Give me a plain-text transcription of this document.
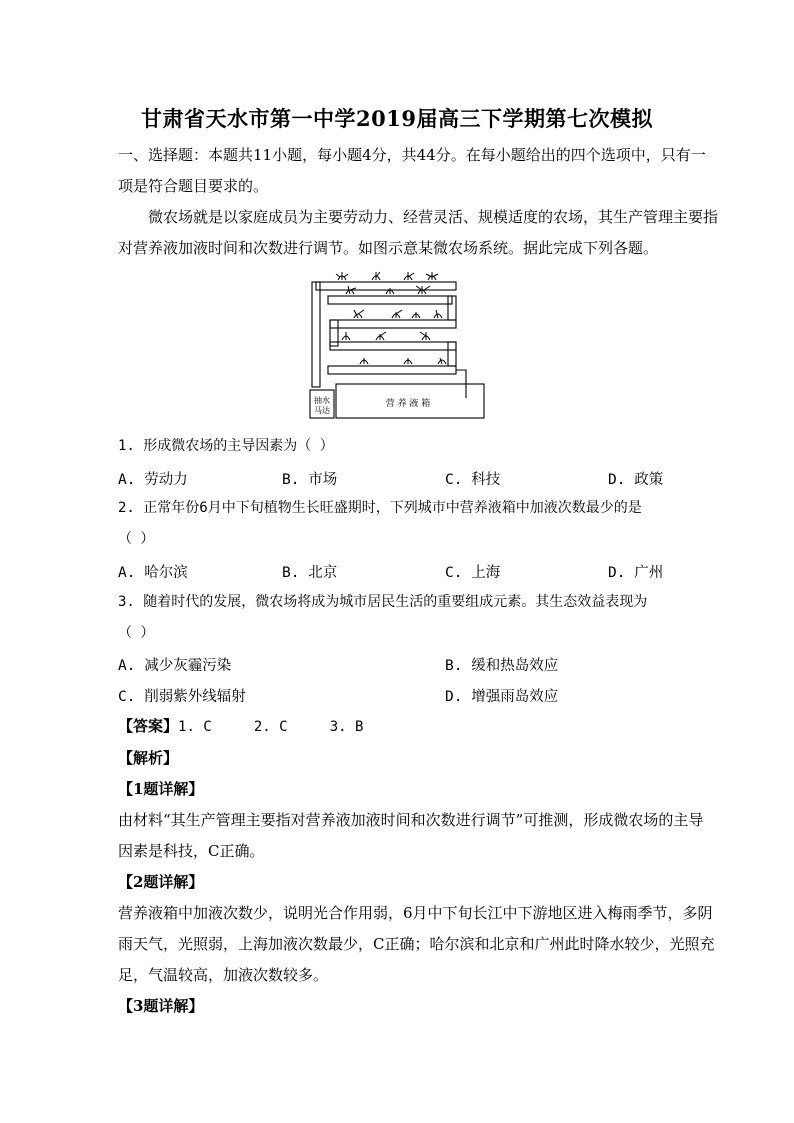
甘肃省天水市第一中学2019届高三下学期第七次模拟
一、选择题：本题共11小题，每小题4分，共44分。在每小题给出的四个选项中，只有一
项是符合题目要求的。
微农场就是以家庭成员为主要劳动力、经营灵活、规模适度的农场，其生产管理主要指
对营养液加液时间和次数进行调节。如图示意某微农场系统。据此完成下列各题。
抽水
马达
营 养 液 箱
1. 形成微农场的主导因素为（ ）
A. 劳动力	B. 市场	C. 科技	D. 政策
2. 正常年份6月中下旬植物生长旺盛期时，下列城市中营养液箱中加液次数最少的是
（ ）
A. 哈尔滨	B. 北京	C. 上海	D. 广州
3. 随着时代的发展，微农场将成为城市居民生活的重要组成元素。其生态效益表现为
（ ）
A. 减少灰霾污染	B. 缓和热岛效应
C. 削弱紫外线辐射	D. 增强雨岛效应
【答案】1. C     2. C     3. B
【解析】
【1题详解】
由材料“其生产管理主要指对营养液加液时间和次数进行调节”可推测，形成微农场的主导
因素是科技，C正确。
【2题详解】
营养液箱中加液次数少，说明光合作用弱，6月中下旬长江中下游地区进入梅雨季节，多阴
雨天气，光照弱，上海加液次数最少，C正确；哈尔滨和北京和广州此时降水较少，光照充
足，气温较高，加液次数较多。
【3题详解】
